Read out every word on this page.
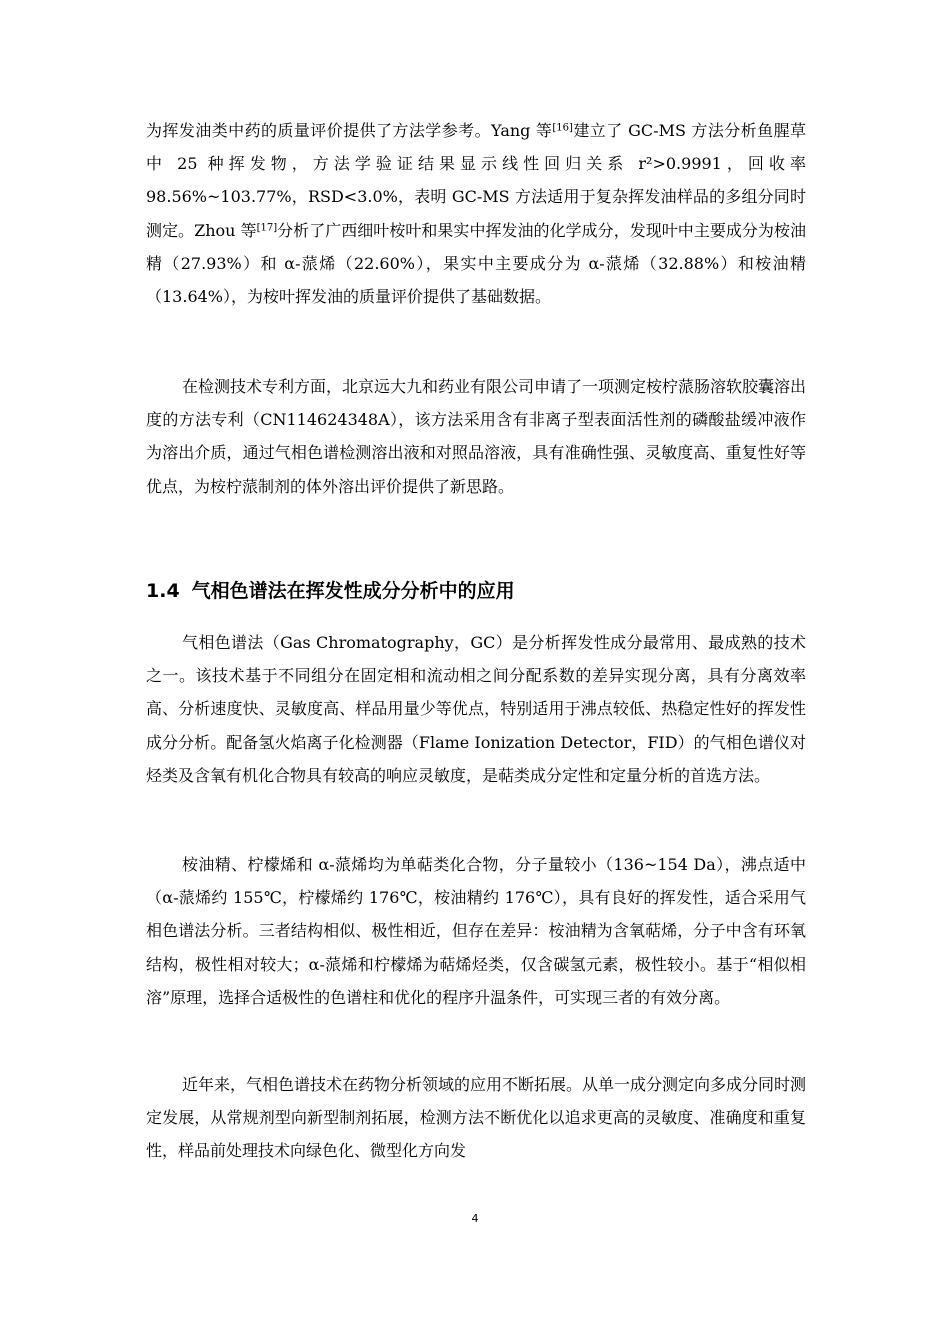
为挥发油类中药的质量评价提供了方法学参考。Yang 等[16]建立了 GC-MS 方法分析鱼腥草中 25 种挥发物，方法学验证结果显示线性回归关系 r²>0.9991，回收率 98.56%~103.77%，RSD<3.0%，表明 GC-MS 方法适用于复杂挥发油样品的多组分同时测定。Zhou 等[17]分析了广西细叶桉叶和果实中挥发油的化学成分，发现叶中主要成分为桉油精（27.93%）和 α-蒎烯（22.60%），果实中主要成分为 α-蒎烯（32.88%）和桉油精（13.64%），为桉叶挥发油的质量评价提供了基础数据。

在检测技术专利方面，北京远大九和药业有限公司申请了一项测定桉柠蒎肠溶软胶囊溶出度的方法专利（CN114624348A），该方法采用含有非离子型表面活性剂的磷酸盐缓冲液作为溶出介质，通过气相色谱检测溶出液和对照品溶液，具有准确性强、灵敏度高、重复性好等优点，为桉柠蒎制剂的体外溶出评价提供了新思路。

1.4 气相色谱法在挥发性成分分析中的应用

气相色谱法（Gas Chromatography，GC）是分析挥发性成分最常用、最成熟的技术之一。该技术基于不同组分在固定相和流动相之间分配系数的差异实现分离，具有分离效率高、分析速度快、灵敏度高、样品用量少等优点，特别适用于沸点较低、热稳定性好的挥发性成分分析。配备氢火焰离子化检测器（Flame Ionization Detector，FID）的气相色谱仪对烃类及含氧有机化合物具有较高的响应灵敏度，是萜类成分定性和定量分析的首选方法。

桉油精、柠檬烯和 α-蒎烯均为单萜类化合物，分子量较小（136~154 Da），沸点适中（α-蒎烯约 155℃，柠檬烯约 176℃，桉油精约 176℃），具有良好的挥发性，适合采用气相色谱法分析。三者结构相似、极性相近，但存在差异：桉油精为含氧萜烯，分子中含有环氧结构，极性相对较大；α-蒎烯和柠檬烯为萜烯烃类，仅含碳氢元素，极性较小。基于“相似相溶”原理，选择合适极性的色谱柱和优化的程序升温条件，可实现三者的有效分离。

近年来，气相色谱技术在药物分析领域的应用不断拓展。从单一成分测定向多成分同时测定发展，从常规剂型向新型制剂拓展，检测方法不断优化以追求更高的灵敏度、准确度和重复性，样品前处理技术向绿色化、微型化方向发

4
